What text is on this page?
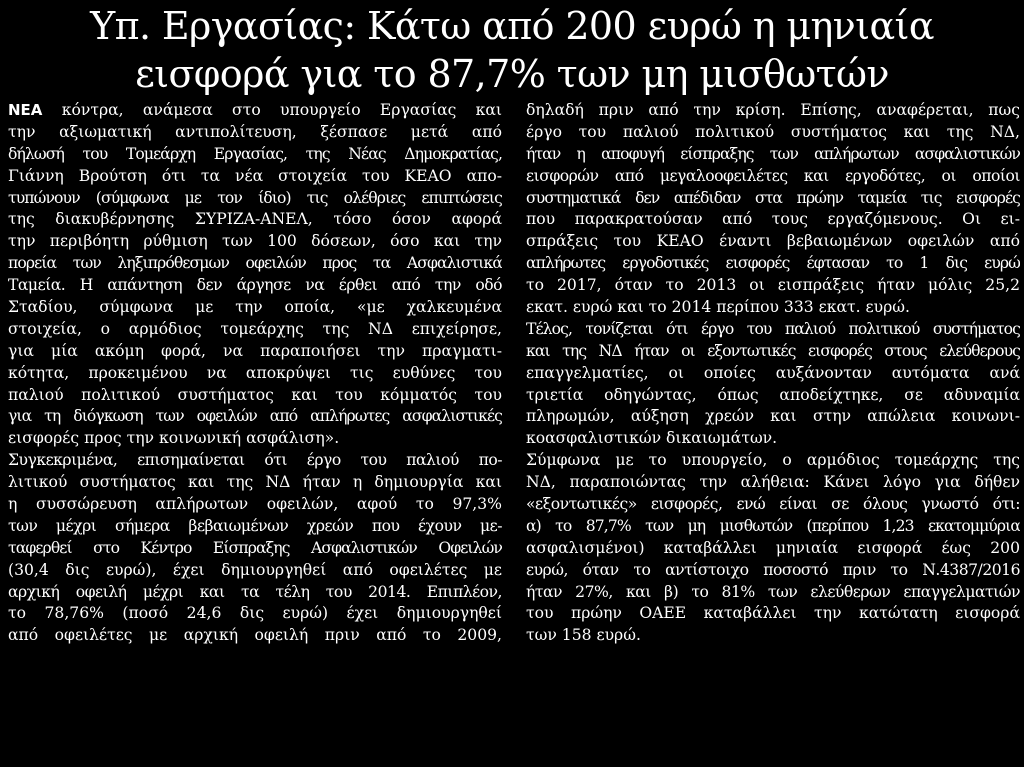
Υπ. Εργασίας: Κάτω από 200 ευρώ η μηνιαία
εισφορά για το 87,7% των μη μισθωτών
ΝΕΑ κόντρα, ανάμεσα στο υπουργείο Εργασίας και
την αξιωματική αντιπολίτευση, ξέσπασε μετά από
δήλωσή του Τομεάρχη Εργασίας, της Νέας Δημοκρατίας,
Γιάννη Βρούτση ότι τα νέα στοιχεία του ΚΕΑΟ απο-
τυπώνουν (σύμφωνα με τον ίδιο) τις ολέθριες επιπτώσεις
της διακυβέρνησης ΣΥΡΙΖΑ-ΑΝΕΛ, τόσο όσον αφορά
την περιβόητη ρύθμιση των 100 δόσεων, όσο και την
πορεία των ληξιπρόθεσμων οφειλών προς τα Ασφαλιστικά
Ταμεία. Η απάντηση δεν άργησε να έρθει από την οδό
Σταδίου, σύμφωνα με την οποία, «με χαλκευμένα
στοιχεία, ο αρμόδιος τομεάρχης της ΝΔ επιχείρησε,
για μία ακόμη φορά, να παραποιήσει την πραγματι-
κότητα, προκειμένου να αποκρύψει τις ευθύνες του
παλιού πολιτικού συστήματος και του κόμματός του
για τη διόγκωση των οφειλών από απλήρωτες ασφαλιστικές
εισφορές προς την κοινωνική ασφάλιση».
Συγκεκριμένα, επισημαίνεται ότι έργο του παλιού πο-
λιτικού συστήματος και της ΝΔ ήταν η δημιουργία και
η συσσώρευση απλήρωτων οφειλών, αφού το 97,3%
των μέχρι σήμερα βεβαιωμένων χρεών που έχουν με-
ταφερθεί στο Κέντρο Είσπραξης Ασφαλιστικών Οφειλών
(30,4 δις ευρώ), έχει δημιουργηθεί από οφειλέτες με
αρχική οφειλή μέχρι και τα τέλη του 2014. Επιπλέον,
το 78,76% (ποσό 24,6 δις ευρώ) έχει δημιουργηθεί
από οφειλέτες με αρχική οφειλή πριν από το 2009,
δηλαδή πριν από την κρίση. Επίσης, αναφέρεται, πως
έργο του παλιού πολιτικού συστήματος και της ΝΔ,
ήταν η αποφυγή είσπραξης των απλήρωτων ασφαλιστικών
εισφορών από μεγαλοοφειλέτες και εργοδότες, οι οποίοι
συστηματικά δεν απέδιδαν στα πρώην ταμεία τις εισφορές
που παρακρατούσαν από τους εργαζόμενους. Οι ει-
σπράξεις του ΚΕΑΟ έναντι βεβαιωμένων οφειλών από
απλήρωτες εργοδοτικές εισφορές έφτασαν το 1 δις ευρώ
το 2017, όταν το 2013 οι εισπράξεις ήταν μόλις 25,2
εκατ. ευρώ και το 2014 περίπου 333 εκατ. ευρώ.
Τέλος, τονίζεται ότι έργο του παλιού πολιτικού συστήματος
και της ΝΔ ήταν οι εξοντωτικές εισφορές στους ελεύθερους
επαγγελματίες, οι οποίες αυξάνονταν αυτόματα ανά
τριετία οδηγώντας, όπως αποδείχτηκε, σε αδυναμία
πληρωμών, αύξηση χρεών και στην απώλεια κοινωνι-
κοασφαλιστικών δικαιωμάτων.
Σύμφωνα με το υπουργείο, ο αρμόδιος τομεάρχης της
ΝΔ, παραποιώντας την αλήθεια: Κάνει λόγο για δήθεν
«εξοντωτικές» εισφορές, ενώ είναι σε όλους γνωστό ότι:
α) το 87,7% των μη μισθωτών (περίπου 1,23 εκατομμύρια
ασφαλισμένοι) καταβάλλει μηνιαία εισφορά έως 200
ευρώ, όταν το αντίστοιχο ποσοστό πριν το Ν.4387/2016
ήταν 27%, και β) το 81% των ελεύθερων επαγγελματιών
του πρώην ΟΑΕΕ καταβάλλει την κατώτατη εισφορά
των 158 ευρώ.
